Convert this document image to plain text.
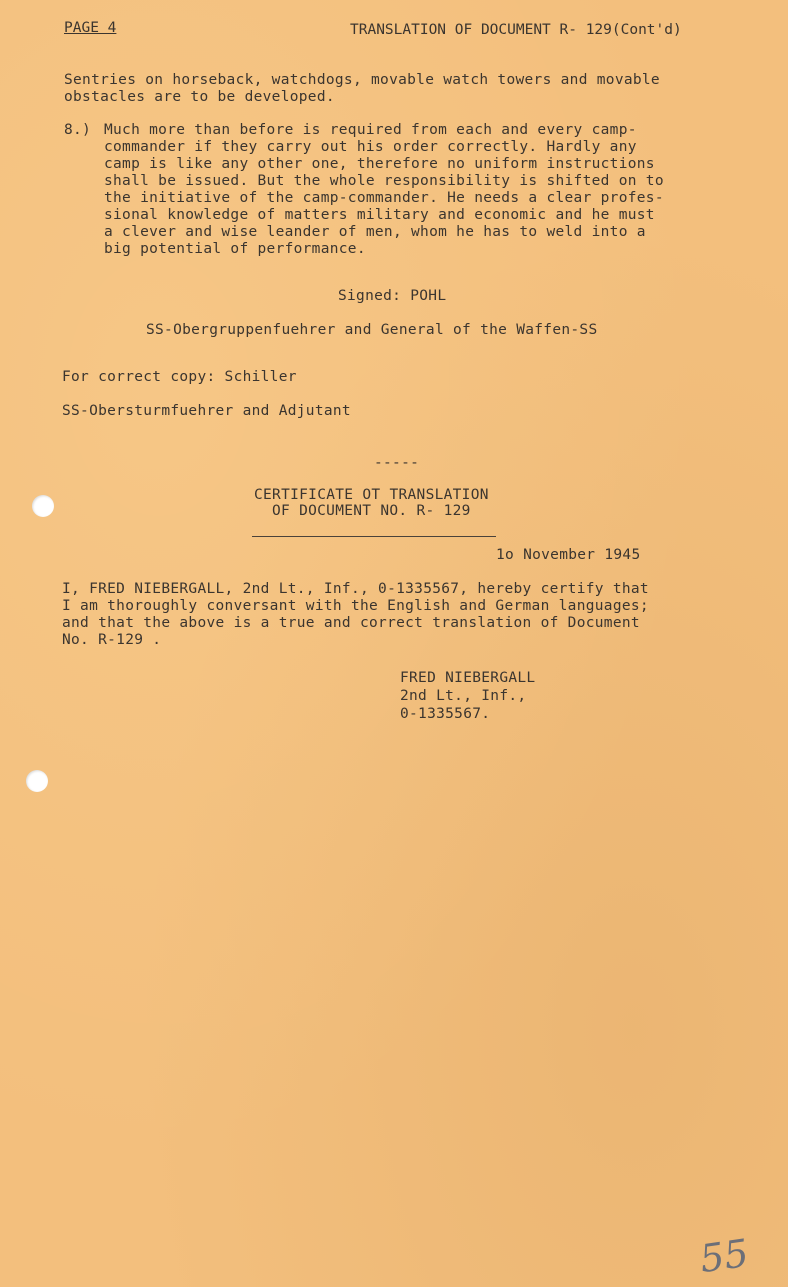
PAGE 4	TRANSLATION OF DOCUMENT R- 129(Cont'd)
Sentries on horseback, watchdogs, movable watch towers and movable
obstacles are to be developed.
8.) Much more than before is required from each and every camp-
commander if they carry out his order correctly. Hardly any
camp is like any other one, therefore no uniform instructions
shall be issued. But the whole responsibility is shifted on to
the initiative of the camp-commander. He needs a clear profes-
sional knowledge of matters military and economic and he must
a clever and wise leander of men, whom he has to weld into a
big potential of performance.
Signed: POHL
SS-Obergruppenfuehrer and General of the Waffen-SS
For correct copy: Schiller
SS-Obersturmfuehrer and Adjutant
-----
CERTIFICATE OT TRANSLATION
OF DOCUMENT NO. R- 129
1o November 1945
I, FRED NIEBERGALL, 2nd Lt., Inf., 0-1335567, hereby certify that
I am thoroughly conversant with the English and German languages;
and that the above is a true and correct translation of Document
No. R-129 .
FRED NIEBERGALL
2nd Lt., Inf.,
0-1335567.
55
